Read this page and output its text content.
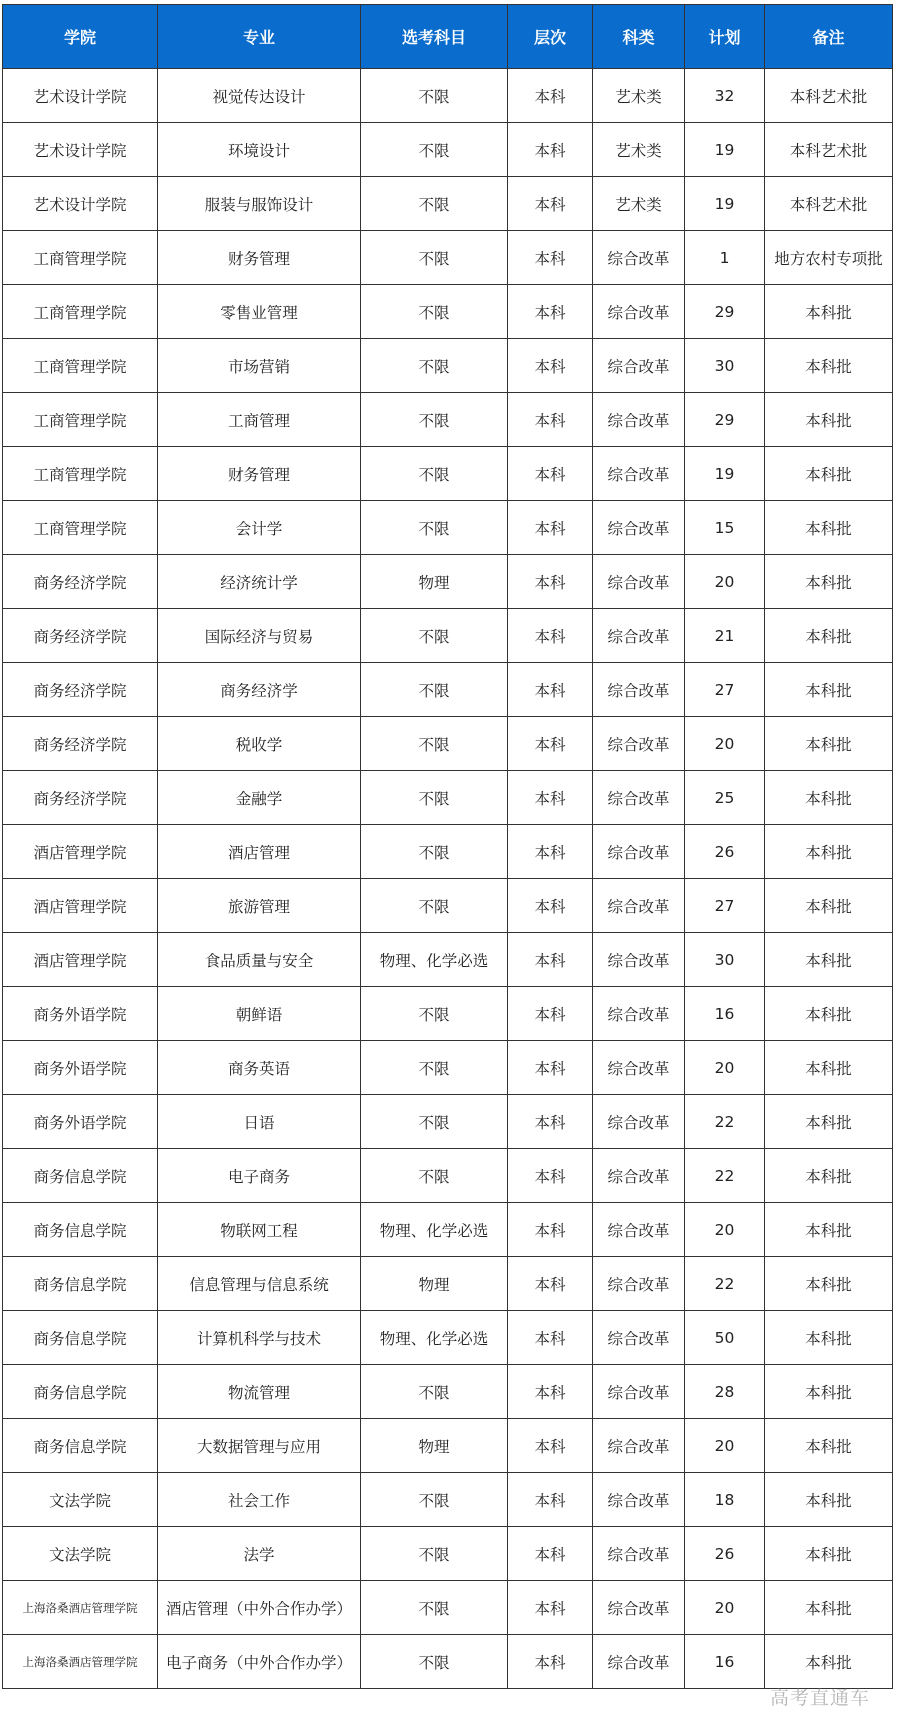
学院	专业	选考科目	层次	科类	计划	备注
艺术设计学院	视觉传达设计	不限	本科	艺术类	32	本科艺术批
艺术设计学院	环境设计	不限	本科	艺术类	19	本科艺术批
艺术设计学院	服装与服饰设计	不限	本科	艺术类	19	本科艺术批
工商管理学院	财务管理	不限	本科	综合改革	1	地方农村专项批
工商管理学院	零售业管理	不限	本科	综合改革	29	本科批
工商管理学院	市场营销	不限	本科	综合改革	30	本科批
工商管理学院	工商管理	不限	本科	综合改革	29	本科批
工商管理学院	财务管理	不限	本科	综合改革	19	本科批
工商管理学院	会计学	不限	本科	综合改革	15	本科批
商务经济学院	经济统计学	物理	本科	综合改革	20	本科批
商务经济学院	国际经济与贸易	不限	本科	综合改革	21	本科批
商务经济学院	商务经济学	不限	本科	综合改革	27	本科批
商务经济学院	税收学	不限	本科	综合改革	20	本科批
商务经济学院	金融学	不限	本科	综合改革	25	本科批
酒店管理学院	酒店管理	不限	本科	综合改革	26	本科批
酒店管理学院	旅游管理	不限	本科	综合改革	27	本科批
酒店管理学院	食品质量与安全	物理、化学必选	本科	综合改革	30	本科批
商务外语学院	朝鲜语	不限	本科	综合改革	16	本科批
商务外语学院	商务英语	不限	本科	综合改革	20	本科批
商务外语学院	日语	不限	本科	综合改革	22	本科批
商务信息学院	电子商务	不限	本科	综合改革	22	本科批
商务信息学院	物联网工程	物理、化学必选	本科	综合改革	20	本科批
商务信息学院	信息管理与信息系统	物理	本科	综合改革	22	本科批
商务信息学院	计算机科学与技术	物理、化学必选	本科	综合改革	50	本科批
商务信息学院	物流管理	不限	本科	综合改革	28	本科批
商务信息学院	大数据管理与应用	物理	本科	综合改革	20	本科批
文法学院	社会工作	不限	本科	综合改革	18	本科批
文法学院	法学	不限	本科	综合改革	26	本科批
上海洛桑酒店管理学院	酒店管理（中外合作办学）	不限	本科	综合改革	20	本科批
上海洛桑酒店管理学院	电子商务（中外合作办学）	不限	本科	综合改革	16	本科批
高考直通车
